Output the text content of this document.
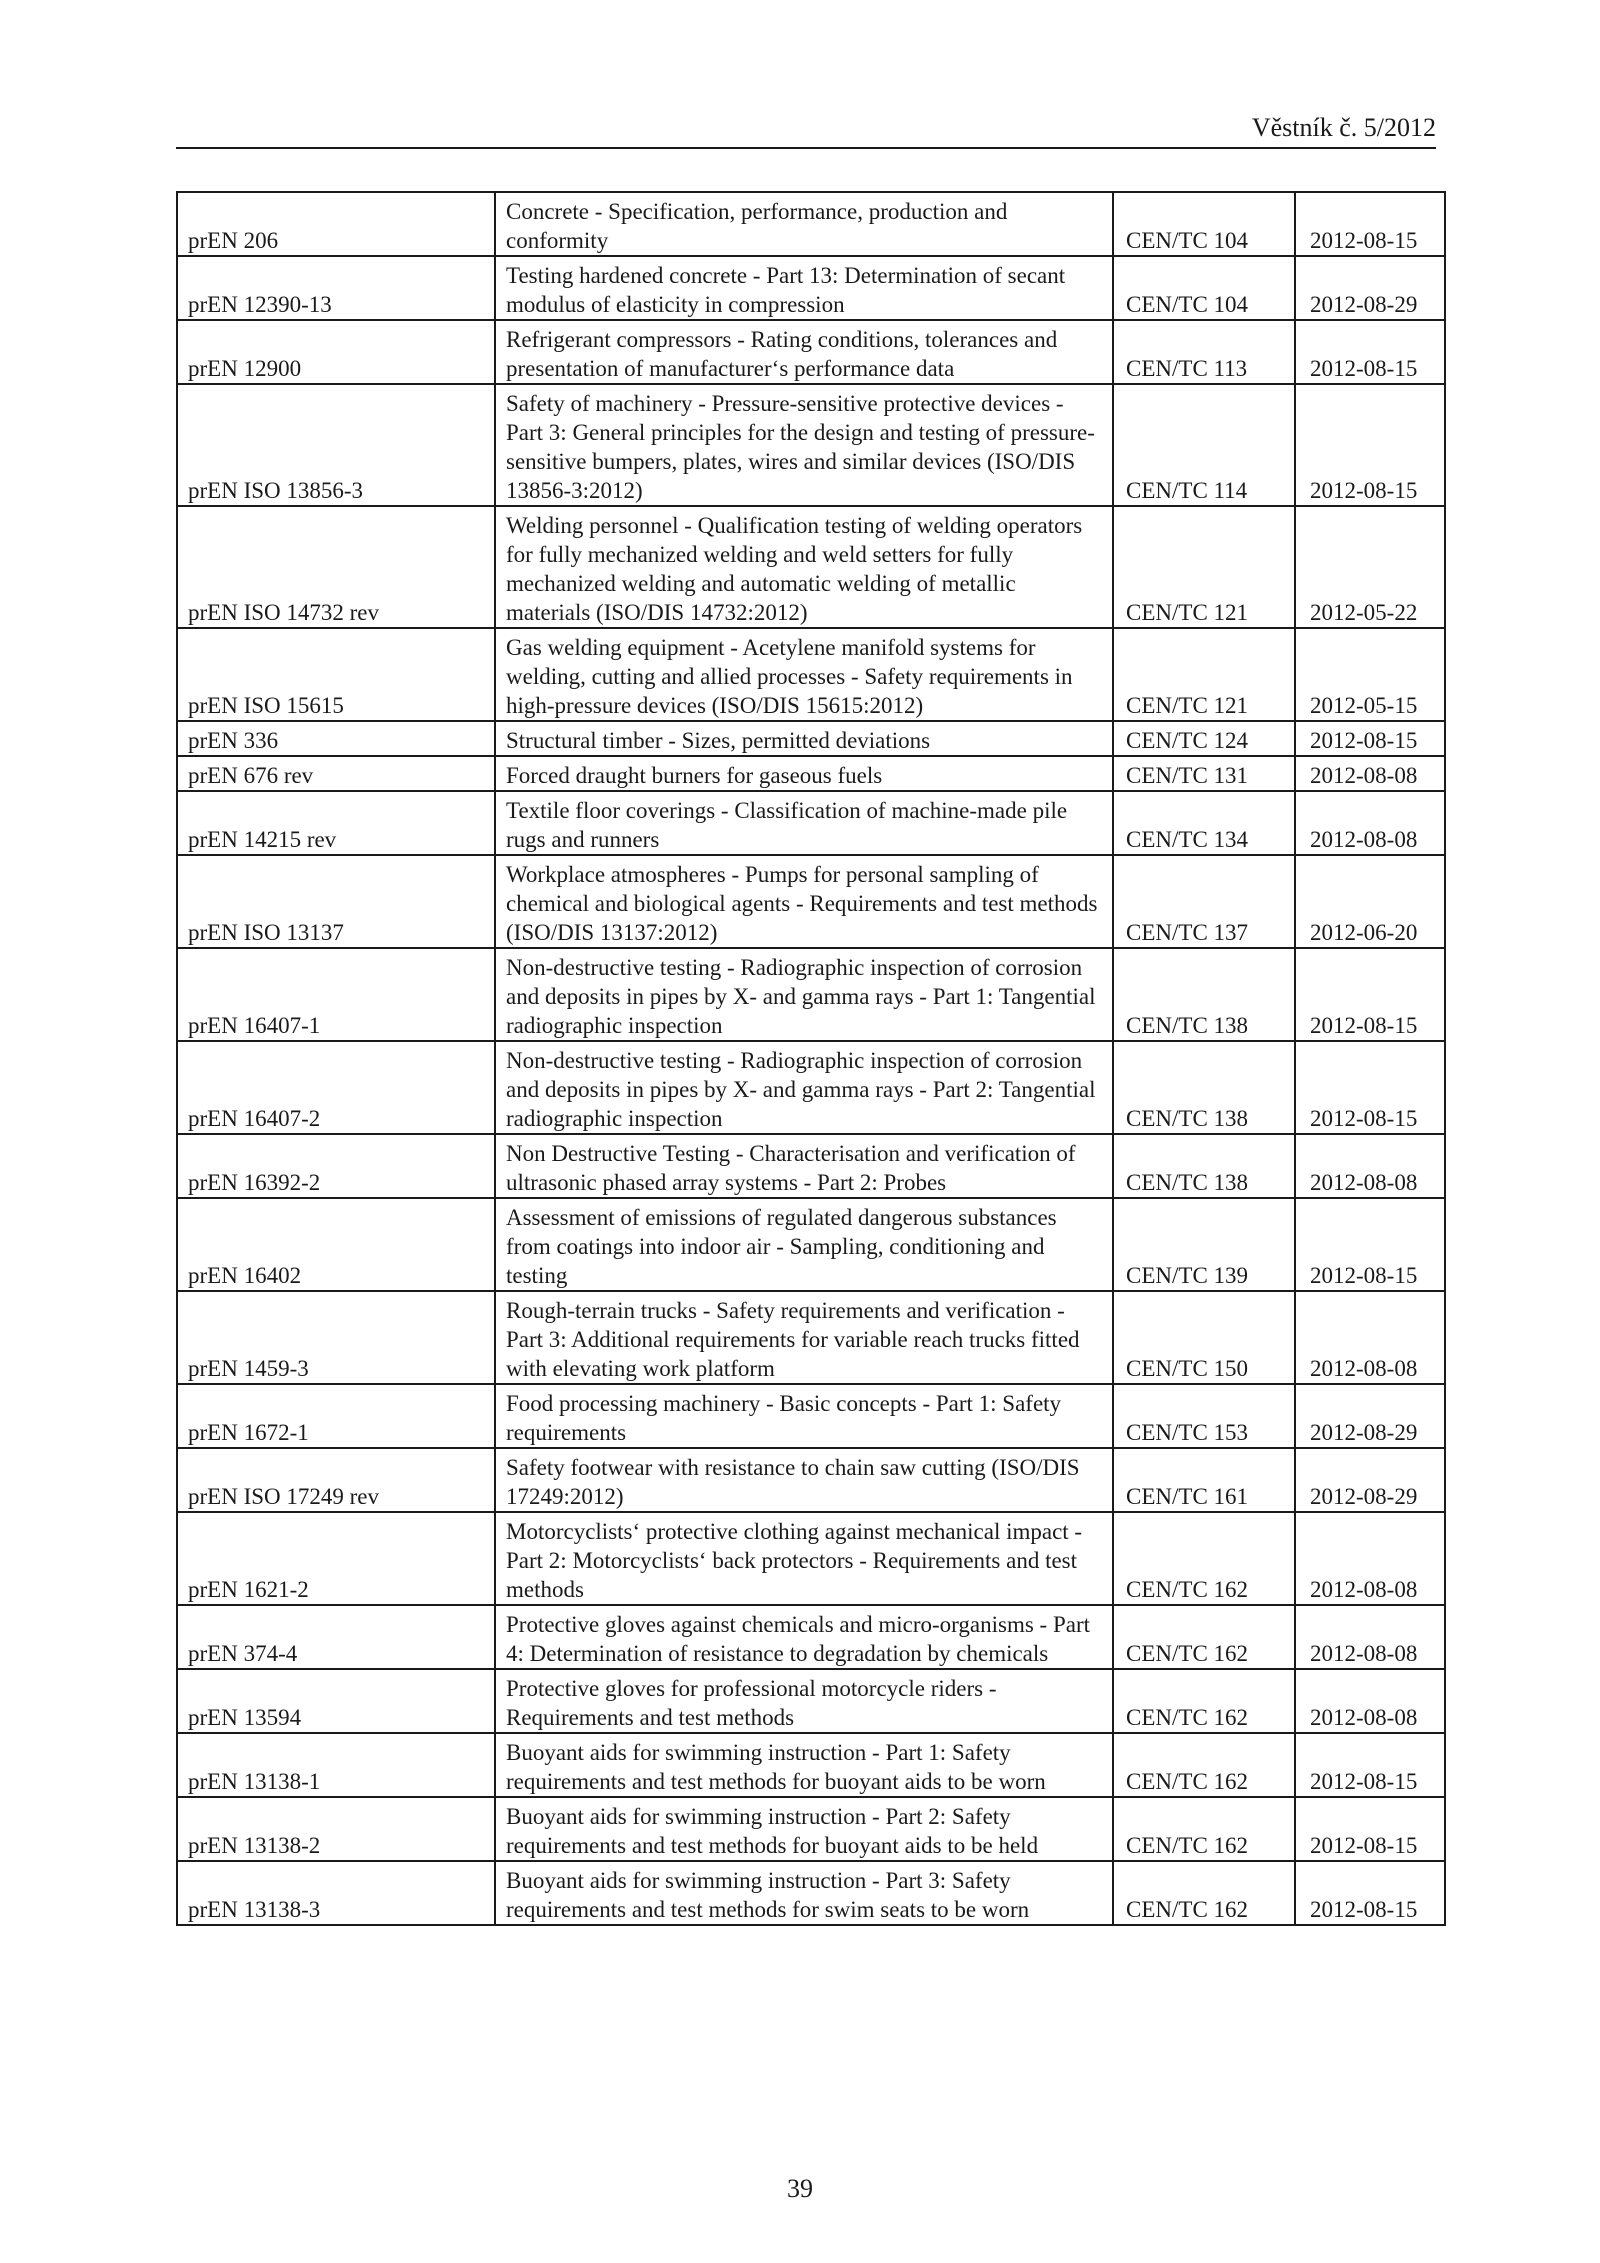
Věstník č. 5/2012
prEN 206	Concrete - Specification, performance, production and conformity	CEN/TC 104	2012-08-15
prEN 12390-13	Testing hardened concrete - Part 13: Determination of secant modulus of elasticity in compression	CEN/TC 104	2012-08-29
prEN 12900	Refrigerant compressors - Rating conditions, tolerances and presentation of manufacturer‘s performance data	CEN/TC 113	2012-08-15
prEN ISO 13856-3	Safety of machinery - Pressure-sensitive protective devices - Part 3: General principles for the design and testing of pressure-sensitive bumpers, plates, wires and similar devices (ISO/DIS 13856-3:2012)	CEN/TC 114	2012-08-15
prEN ISO 14732 rev	Welding personnel - Qualification testing of welding operators for fully mechanized welding and weld setters for fully mechanized welding and automatic welding of metallic materials (ISO/DIS 14732:2012)	CEN/TC 121	2012-05-22
prEN ISO 15615	Gas welding equipment - Acetylene manifold systems for welding, cutting and allied processes - Safety requirements in high-pressure devices (ISO/DIS 15615:2012)	CEN/TC 121	2012-05-15
prEN 336	Structural timber - Sizes, permitted deviations	CEN/TC 124	2012-08-15
prEN 676 rev	Forced draught burners for gaseous fuels	CEN/TC 131	2012-08-08
prEN 14215 rev	Textile floor coverings - Classification of machine-made pile rugs and runners	CEN/TC 134	2012-08-08
prEN ISO 13137	Workplace atmospheres - Pumps for personal sampling of chemical and biological agents - Requirements and test methods (ISO/DIS 13137:2012)	CEN/TC 137	2012-06-20
prEN 16407-1	Non-destructive testing - Radiographic inspection of corrosion and deposits in pipes by X- and gamma rays - Part 1: Tangential radiographic inspection	CEN/TC 138	2012-08-15
prEN 16407-2	Non-destructive testing - Radiographic inspection of corrosion and deposits in pipes by X- and gamma rays - Part 2: Tangential radiographic inspection	CEN/TC 138	2012-08-15
prEN 16392-2	Non Destructive Testing - Characterisation and verification of ultrasonic phased array systems - Part 2: Probes	CEN/TC 138	2012-08-08
prEN 16402	Assessment of emissions of regulated dangerous substances from coatings into indoor air - Sampling, conditioning and testing	CEN/TC 139	2012-08-15
prEN 1459-3	Rough-terrain trucks - Safety requirements and verification - Part 3: Additional requirements for variable reach trucks fitted with elevating work platform	CEN/TC 150	2012-08-08
prEN 1672-1	Food processing machinery - Basic concepts - Part 1: Safety requirements	CEN/TC 153	2012-08-29
prEN ISO 17249 rev	Safety footwear with resistance to chain saw cutting (ISO/DIS 17249:2012)	CEN/TC 161	2012-08-29
prEN 1621-2	Motorcyclists‘ protective clothing against mechanical impact - Part 2: Motorcyclists‘ back protectors - Requirements and test methods	CEN/TC 162	2012-08-08
prEN 374-4	Protective gloves against chemicals and micro-organisms - Part 4: Determination of resistance to degradation by chemicals	CEN/TC 162	2012-08-08
prEN 13594	Protective gloves for professional motorcycle riders - Requirements and test methods	CEN/TC 162	2012-08-08
prEN 13138-1	Buoyant aids for swimming instruction - Part 1: Safety requirements and test methods for buoyant aids to be worn	CEN/TC 162	2012-08-15
prEN 13138-2	Buoyant aids for swimming instruction - Part 2: Safety requirements and test methods for buoyant aids to be held	CEN/TC 162	2012-08-15
prEN 13138-3	Buoyant aids for swimming instruction - Part 3: Safety requirements and test methods for swim seats to be worn	CEN/TC 162	2012-08-15
39
